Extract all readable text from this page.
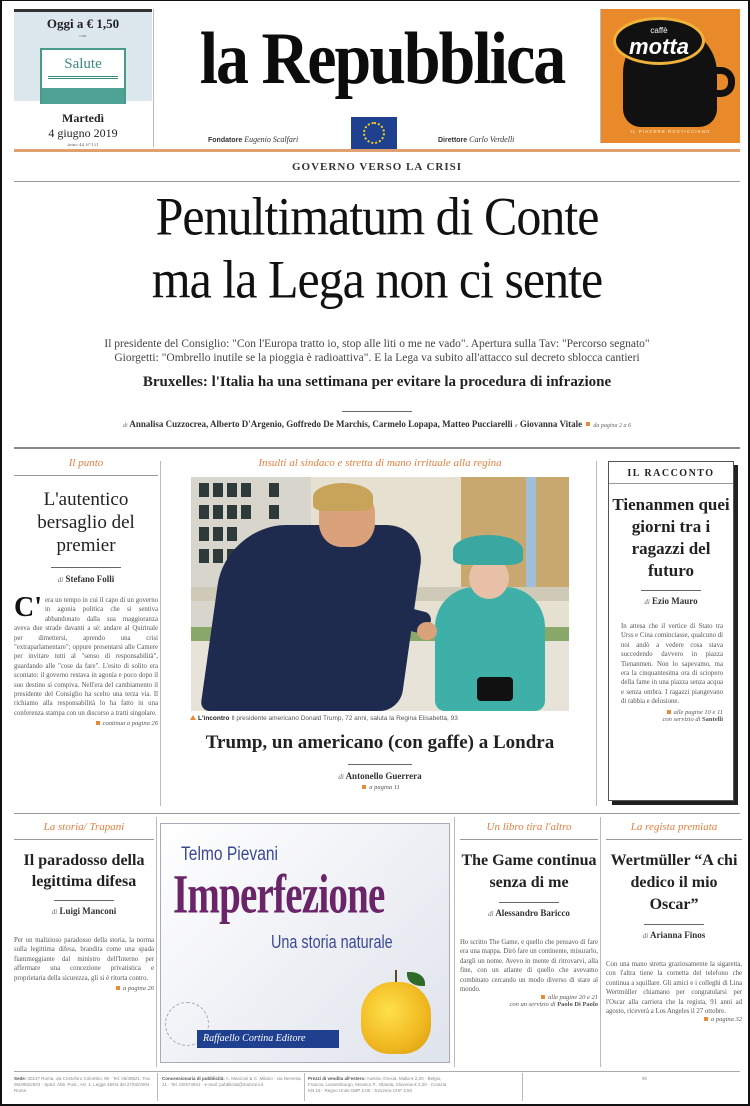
Oggi a € 1,50
con
Salute
Martedì
4 giugno 2019
Anno 44 N°131
la Repubblica
Fondatore Eugenio Scalfari	Direttore Carlo Verdelli
caffè
motta
IL PIACERE ROSTICCIANO
GOVERNO VERSO LA CRISI
Penultimatum di Conte
ma la Lega non ci sente
Il presidente del Consiglio: "Con l'Europa tratto io, stop alle liti o me ne vado". Apertura sulla Tav: "Percorso segnato"
Giorgetti: "Ombrello inutile se la pioggia è radioattiva". E la Lega va subito all'attacco sul decreto sblocca cantieri
Bruxelles: l'Italia ha una settimana per evitare la procedura di infrazione
di Annalisa Cuzzocrea, Alberto D'Argenio, Goffredo De Marchis, Carmelo Lopapa, Matteo Pucciarelli e Giovanna Vitale da pagina 2 a 6
Il punto
L'autentico bersaglio del premier
di Stefano Folli
C' era un tempo in cui il capo di un governo in agonia politica che si sentiva abbandonato dalla sua maggioranza aveva due strade davanti a sé: andare al Quirinale per dimettersi, aprendo una crisi "extraparlamentare"; oppure presentarsi alle Camere per invitare tutti al "senso di responsabilità", guardando alle "cose da fare". L'esito di solito era scontato: il governo restava in agonia e poco dopo il suo destino si compiva. Nell'era del cambiamento il presidente del Consiglio ha scelto una terza via. Il richiamo alla responsabilità lo ha fatto in una conferenza stampa con un discorso a tratti singolare.
continua a pagina 26
Insulti al sindaco e stretta di mano irrituale alla regina
L'incontro Il presidente americano Donald Trump, 72 anni, saluta la Regina Elisabetta, 93
Trump, un americano (con gaffe) a Londra
di Antonello Guerrera
a pagina 11
IL RACCONTO
Tienanmen quei giorni tra i ragazzi del futuro
di Ezio Mauro
In attesa che il vertice di Stato tra Urss e Cina cominciasse, qualcuno di noi andò a vedere cosa stava succedendo davvero in piazza Tienanmen. Non lo sapevamo, ma era la cinquantesima ora di sciopero della fame in una piazza senza acqua e senza ombra. I ragazzi piangevano di rabbia e delusione.
alle pagine 10 e 11
con servizio di Santelli
La storia/ Trapani
Il paradosso della legittima difesa
di Luigi Manconi
Per un malizioso paradosso della storia, la norma sulla legittima difesa, brandita come una spada fiammeggiante dal ministro dell'Interno per affermare una concezione privatistica e proprietaria della sicurezza, gli si è ritorta contro.
a pagina 26
Telmo Pievani
Imperfezione
Una storia naturale
Raffaello Cortina Editore
Un libro tira l'altro
The Game continua senza di me
di Alessandro Baricco
Ho scritto The Game, e quello che pensavo di fare era una mappa. Dirò fare un continente, misurarlo, dargli un nome. Avevo in mente di ritrovarvi, alla fine, con un atlante di quello che avevamo combinato cercando un modo diverso di stare al mondo.
alle pagine 20 e 21
con un servizio di Paolo Di Paolo
La regista premiata
Wertmüller “A chi dedico il mio Oscar”
di Arianna Finos
Con una mano stretta graziosamente la sigaretta, con l'altra tiene la cornetta del telefono che continua a squillare. Gli amici e i colleghi di Lina Wertmüller chiamano per congratularsi per l'Oscar alla carriera che la regista, 91 anni ad agosto, riceverà a Los Angeles il 27 ottobre.
a pagina 32
Sede: 00147 Roma, via Cristoforo Colombo, 90 · Tel. 06/49821, Fax 06/49822923 · Sped. Abb. Post., Art. 1, Legge 46/04 del 27/02/2004 · Roma
Concessionaria di pubblicità: A. Manzoni & C. Milano · via Nervesa, 21 · Tel. 02/574941 · e-mail: pubblicita@manzoni.it
Prezzi di vendita all'estero: Austria, Grecia, Malta € 2,20 · Belgio, Francia, Lussemburgo, Monaco P., Olanda, Slovenia € 2,20 · Croazia KN 15 · Regno Unito GBP 2,00 · Svizzera CHF 3,50
90
